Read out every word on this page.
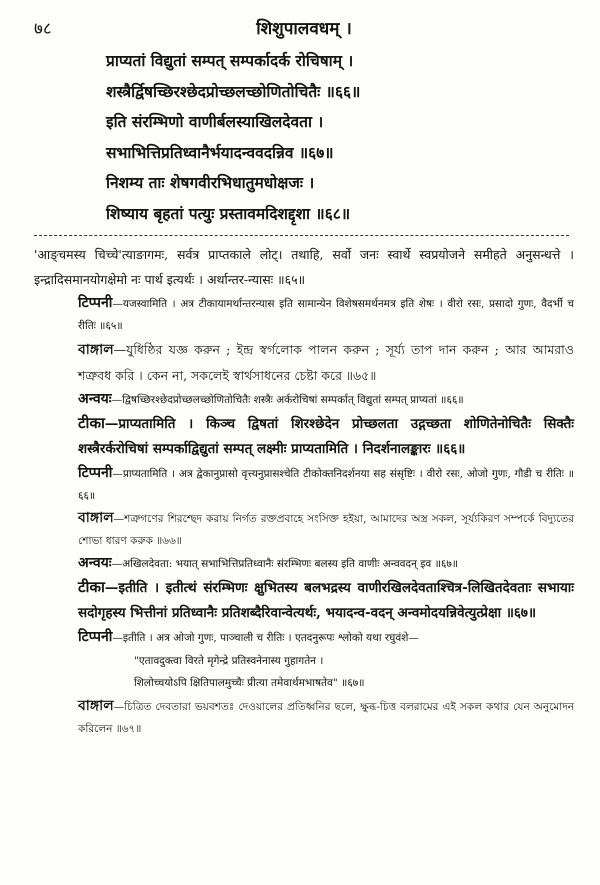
७८	शिशुपालवधम् ।
प्राप्यतां विद्युतां सम्पत् सम्पर्कादर्क रोचिषाम् ।
शस्त्रैर्द्विषच्छिरश्छेदप्रोच्छलच्छोणितोचितैः ॥६६॥
इति संरम्भिणो वाणीर्बलस्याखिलदेवता ।
सभाभित्तिप्रतिध्वानैर्भयादन्ववदन्निव ॥६७॥
निशम्य ताः शेषगवीरभिधातुमधोक्षजः ।
शिष्याय बृहतां पत्युः प्रस्तावमदिशद्दृशा ॥६८॥
'आङ्चमस्य चिच्चे'त्याङागमः, सर्वत्र प्राप्तकाले लोट्। तथाहि, सर्वो जनः स्वार्थे स्वप्रयोजने समीहते अनुसन्धत्ते । इन्द्रादिसमानयोगक्षेमो नः पार्थ इत्यर्थः । अर्थान्तर-न्यासः ॥६५॥
टिप्पनी—यजस्वामिति । अत्र टीकायामर्थान्तरन्यास इति सामान्येन विशेषसमर्थनमत्र इति शेषः । वीरो रसः, प्रसादो गुणः, वैदर्भी च रीतिः ॥६५॥
বাঙ্গাল—যুধিষ্ঠির যজ্ঞ করুন ; ইন্দ্র স্বর্গলোক পালন করুন ; সূর্য্য তাপ দান করুন ; আর আমরাও শত্রুবধ করি । কেন না, সকলেই স্বার্থসাধনের চেষ্টা করে ॥৬৫॥
अन्वयः—द्विषच्छिरश्छेदप्रोच्छलच्छोणितोचितैः शस्त्रैः अर्करोचिषां सम्पर्कात् विद्युतां सम्पत् प्राप्यतां ॥६६॥
टीका—प्राप्यतामिति । किञ्च द्विषतां शिरश्छेदेन प्रोच्छलता उद्गच्छता शोणितेनोचितैः सिक्तैः शस्त्रैरर्करोचिषां सम्पर्काद्विद्युतां सम्पत् लक्ष्मीः प्राप्यतामिति । निदर्शनालङ्कारः ॥६६॥
टिप्पनी—प्राप्यतामिति । अत्र द्वेकानुप्रासो वृत्त्यनुप्रासश्चेति टीकोक्तनिदर्शनया सह संसृष्टिः । वीरो रसः, ओजो गुणः, गौडी च रीतिः ॥६६॥
বাঙ্গাল—শত্রুগণের শিরশ্ছেদ করায় নির্গত রক্তপ্রবাহে সংসিক্ত হইয়া, আমাদের অস্ত্র সকল, সূর্য্যকিরণ সম্পর্কে বিদ্যুতের শোভা ধারণ করুক ॥৬৬॥
अन्वयः—अखिलदेवता: भयात् सभाभित्तिप्रतिध्वानैः संरम्भिणः बलस्य इति वाणीः अन्ववदन् इव ॥६७॥
टीका—इतीति । इतीत्थं संरम्भिणः क्षुभितस्य बलभद्रस्य वाणीरखिलदेवताश्चित्र-लिखितदेवताः सभायाः सदोगृहस्य भित्तीनां प्रतिध्वानैः प्रतिशब्दैरिवान्वेत्यर्थः, भयादन्व-वदन् अन्वमोदयन्निवेत्युत्प्रेक्षा ॥६७॥
टिप्पनी—इतीति । अत्र ओजो गुणः, पाञ्चाली च रीतिः । एतदनुरूपः श्लोको यथा रघुवंशे—
"एतावदुक्त्वा विरते मृगेन्द्रे प्रतिस्वनेनास्य गुहागतेन ।
शिलोच्चयोऽपि क्षितिपालमुच्चैः प्रीत्या तमेवार्थमभाषतेव" ॥६७॥
বাঙ্গাল—চিত্রিত দেবতারা ভয়বশতঃ দেওয়ালের প্রতিধ্বনির ছলে, ক্ষুব্ধ-চিত্ত বলরামের এই সকল কথার যেন অনুমোদন করিলেন ॥৬৭॥
